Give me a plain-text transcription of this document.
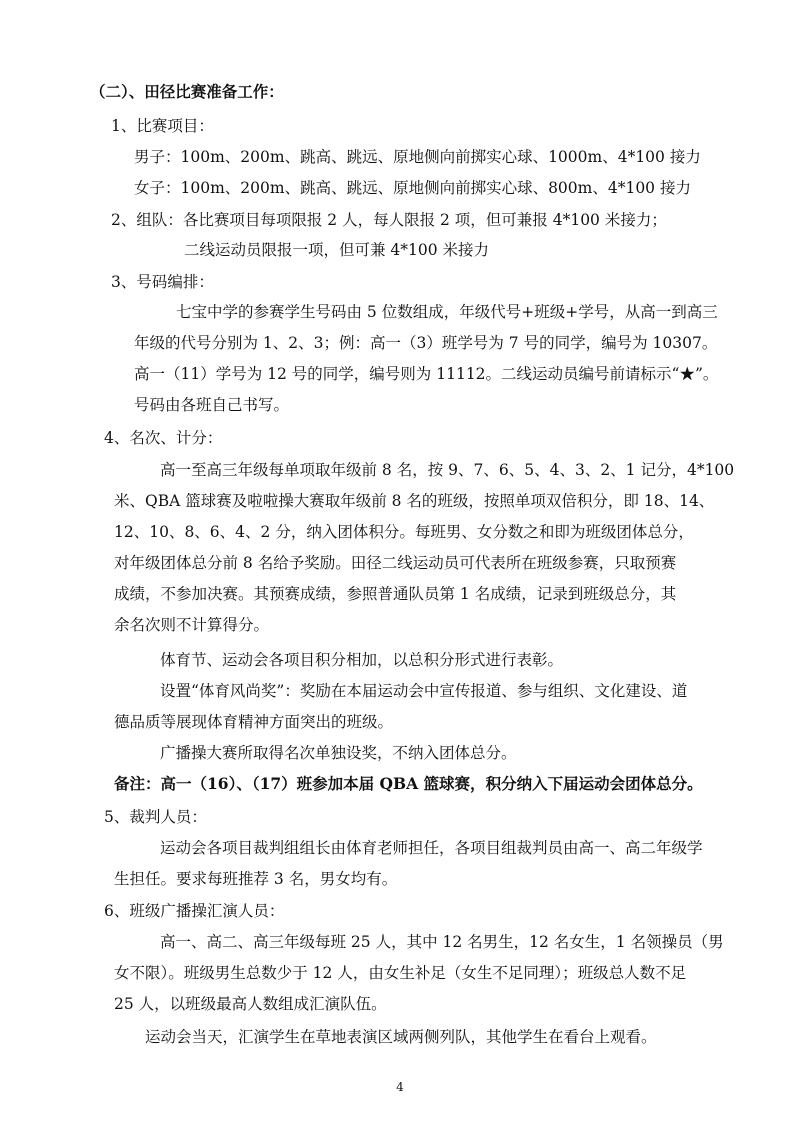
（二）、田径比赛准备工作：
1、比赛项目：
男子：100m、200m、跳高、跳远、原地侧向前掷实心球、1000m、4*100 接力
女子：100m、200m、跳高、跳远、原地侧向前掷实心球、800m、4*100 接力
2、组队：各比赛项目每项限报 2 人，每人限报 2 项，但可兼报 4*100 米接力；
二线运动员限报一项，但可兼 4*100 米接力
3、号码编排：
七宝中学的参赛学生号码由 5 位数组成，年级代号+班级+学号，从高一到高三
年级的代号分别为 1、2、3；例：高一（3）班学号为 7 号的同学，编号为 10307。
高一（11）学号为 12 号的同学，编号则为 11112。二线运动员编号前请标示“★”。
号码由各班自己书写。
4、名次、计分：
高一至高三年级每单项取年级前 8 名，按 9、7、6、5、4、3、2、1 记分，4*100
米、QBA 篮球赛及啦啦操大赛取年级前 8 名的班级，按照单项双倍积分，即 18、14、
12、10、8、6、4、2 分，纳入团体积分。每班男、女分数之和即为班级团体总分，
对年级团体总分前 8 名给予奖励。田径二线运动员可代表所在班级参赛，只取预赛
成绩，不参加决赛。其预赛成绩，参照普通队员第 1 名成绩，记录到班级总分，其
余名次则不计算得分。
体育节、运动会各项目积分相加，以总积分形式进行表彰。
设置“体育风尚奖”：奖励在本届运动会中宣传报道、参与组织、文化建设、道
德品质等展现体育精神方面突出的班级。
广播操大赛所取得名次单独设奖，不纳入团体总分。
备注：高一（16）、（17）班参加本届 QBA 篮球赛，积分纳入下届运动会团体总分。
5、裁判人员：
运动会各项目裁判组组长由体育老师担任，各项目组裁判员由高一、高二年级学
生担任。要求每班推荐 3 名，男女均有。
6、班级广播操汇演人员：
高一、高二、高三年级每班 25 人，其中 12 名男生，12 名女生，1 名领操员（男
女不限）。班级男生总数少于 12 人，由女生补足（女生不足同理）；班级总人数不足
25 人，以班级最高人数组成汇演队伍。
运动会当天，汇演学生在草地表演区域两侧列队，其他学生在看台上观看。
4
